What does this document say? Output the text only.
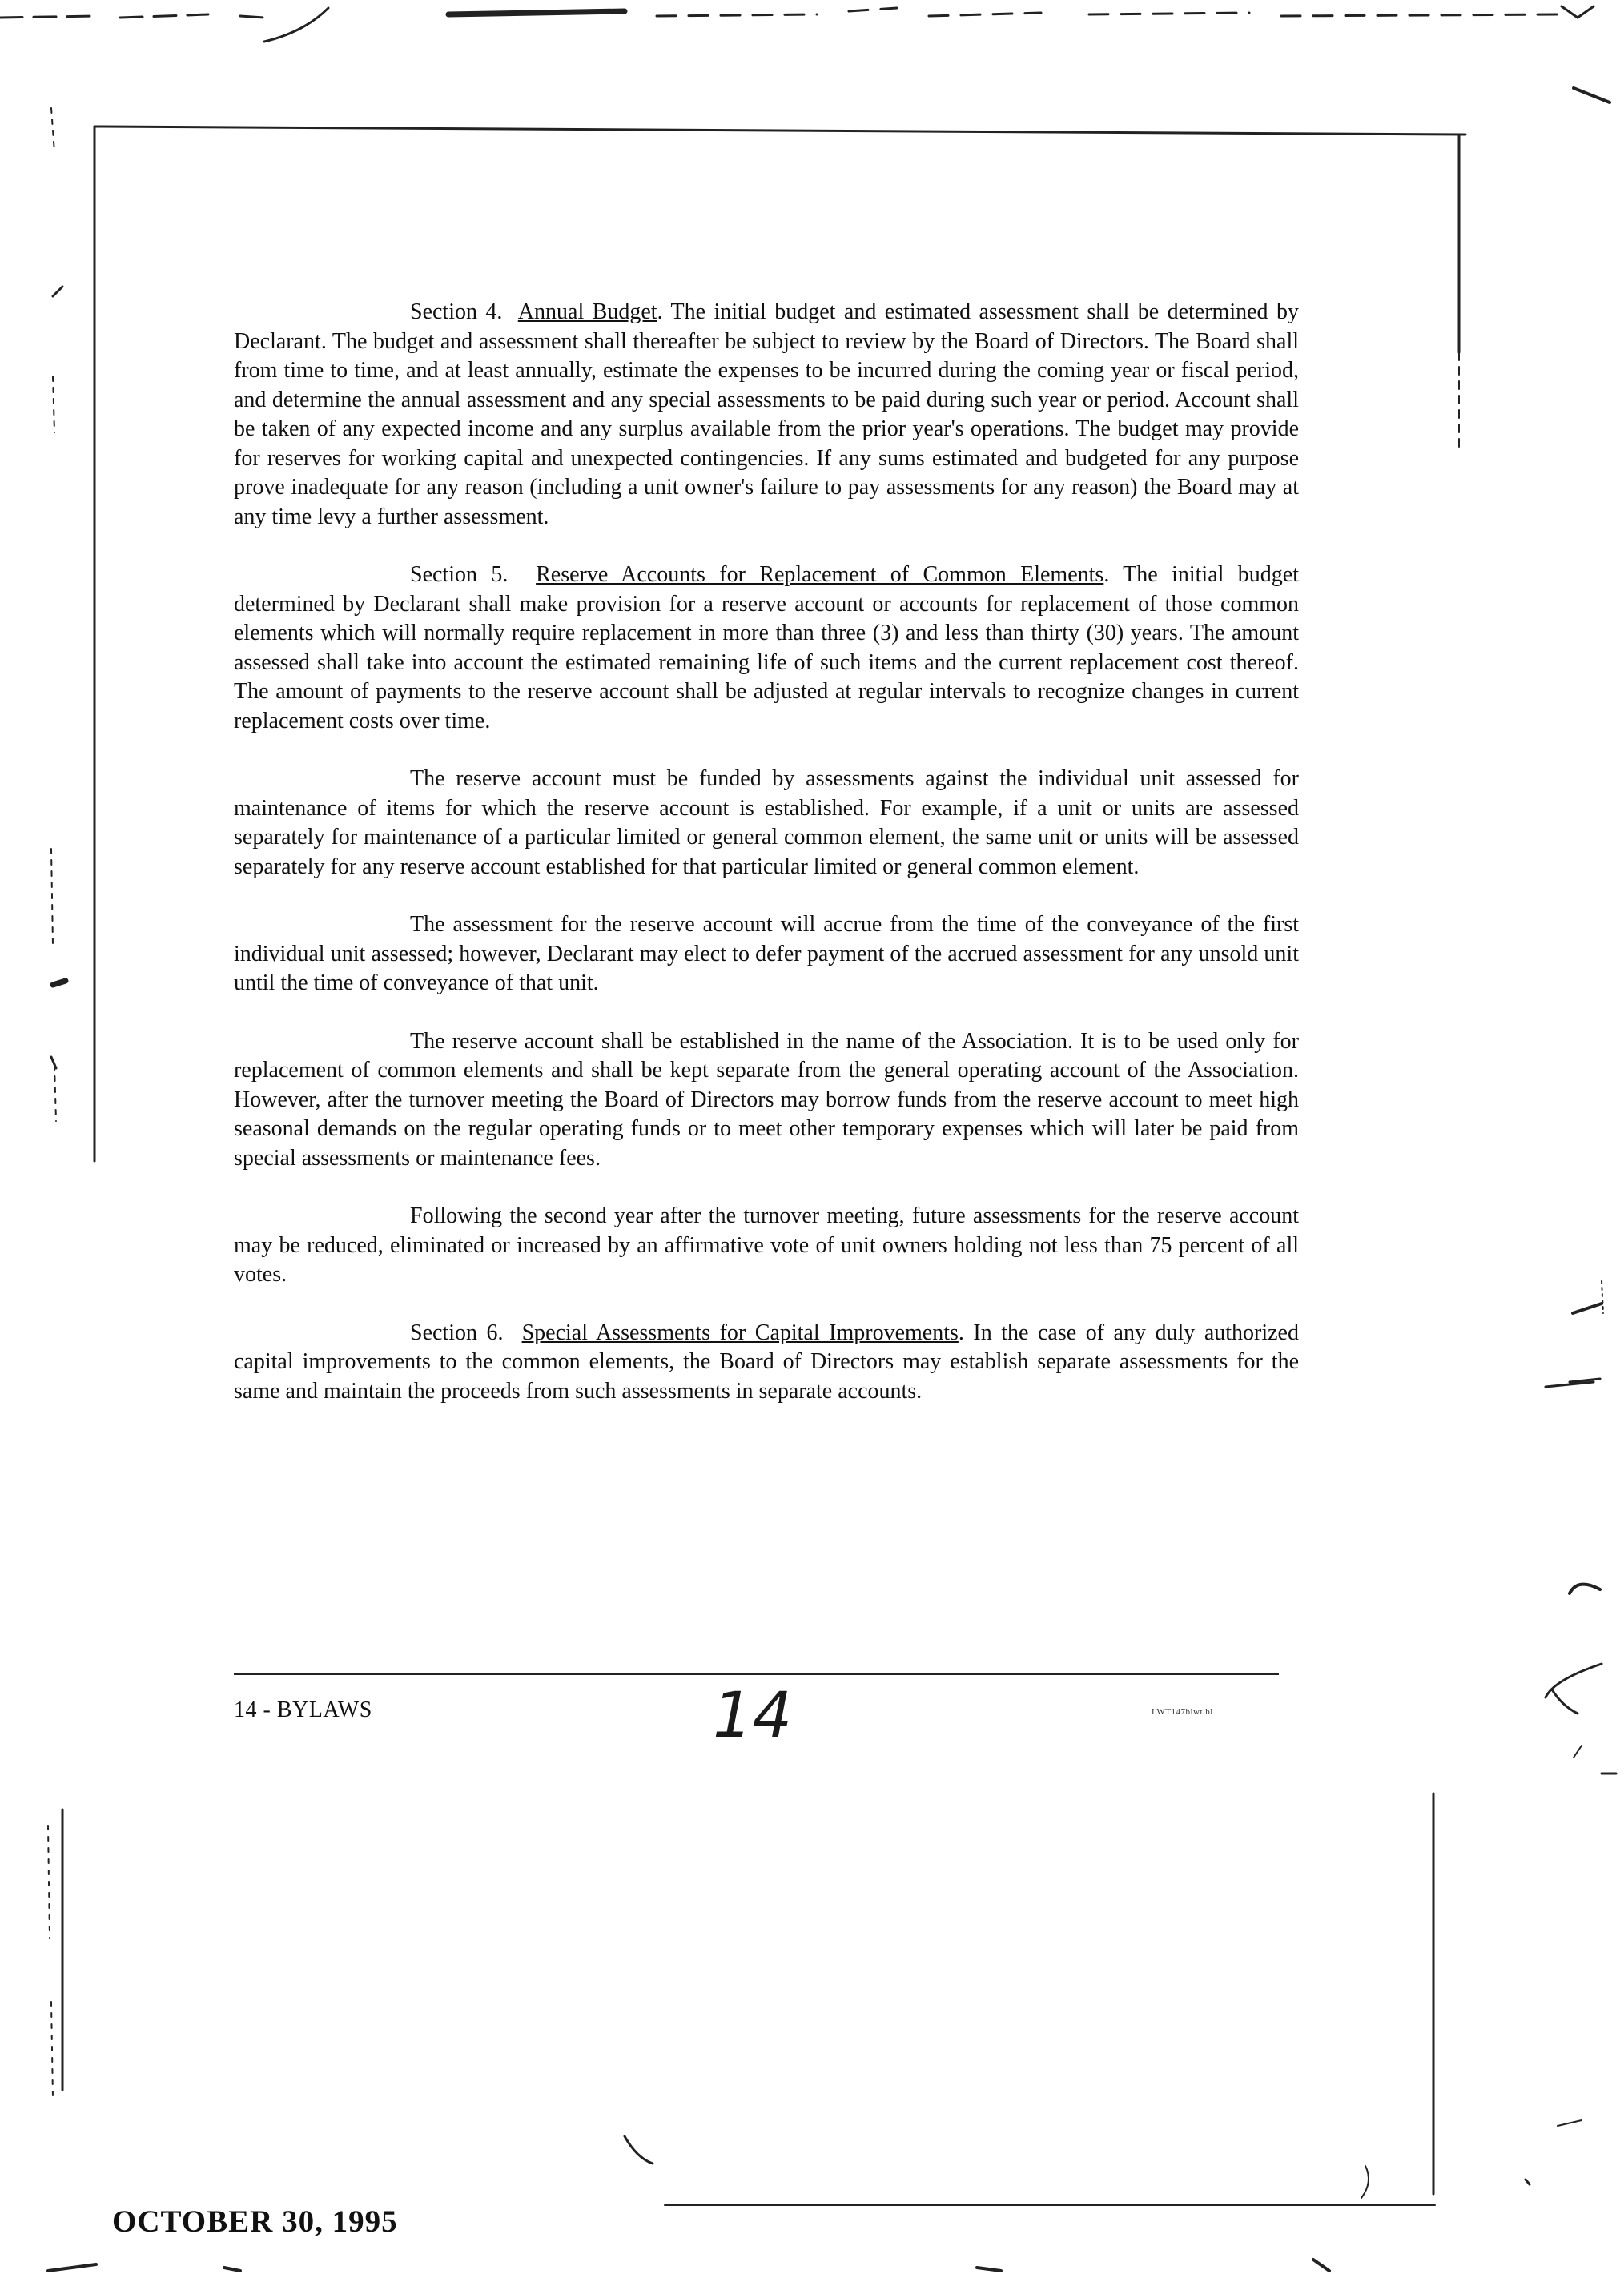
Section 4. Annual Budget. The initial budget and estimated assessment shall be determined by Declarant. The budget and assessment shall thereafter be subject to review by the Board of Directors. The Board shall from time to time, and at least annually, estimate the expenses to be incurred during the coming year or fiscal period, and determine the annual assessment and any special assessments to be paid during such year or period. Account shall be taken of any expected income and any surplus available from the prior year's operations. The budget may provide for reserves for working capital and unexpected contingencies. If any sums estimated and budgeted for any purpose prove inadequate for any reason (including a unit owner's failure to pay assessments for any reason) the Board may at any time levy a further assessment.

Section 5. Reserve Accounts for Replacement of Common Elements. The initial budget determined by Declarant shall make provision for a reserve account or accounts for replacement of those common elements which will normally require replacement in more than three (3) and less than thirty (30) years. The amount assessed shall take into account the estimated remaining life of such items and the current replacement cost thereof. The amount of payments to the reserve account shall be adjusted at regular intervals to recognize changes in current replacement costs over time.

The reserve account must be funded by assessments against the individual unit assessed for maintenance of items for which the reserve account is established. For example, if a unit or units are assessed separately for maintenance of a particular limited or general common element, the same unit or units will be assessed separately for any reserve account established for that particular limited or general common element.

The assessment for the reserve account will accrue from the time of the conveyance of the first individual unit assessed; however, Declarant may elect to defer payment of the accrued assessment for any unsold unit until the time of conveyance of that unit.

The reserve account shall be established in the name of the Association. It is to be used only for replacement of common elements and shall be kept separate from the general operating account of the Association. However, after the turnover meeting the Board of Directors may borrow funds from the reserve account to meet high seasonal demands on the regular operating funds or to meet other temporary expenses which will later be paid from special assessments or maintenance fees.

Following the second year after the turnover meeting, future assessments for the reserve account may be reduced, eliminated or increased by an affirmative vote of unit owners holding not less than 75 percent of all votes.

Section 6. Special Assessments for Capital Improvements. In the case of any duly authorized capital improvements to the common elements, the Board of Directors may establish separate assessments for the same and maintain the proceeds from such assessments in separate accounts.

14 - BYLAWS	14	LWT147blwt.bl
OCTOBER 30, 1995
